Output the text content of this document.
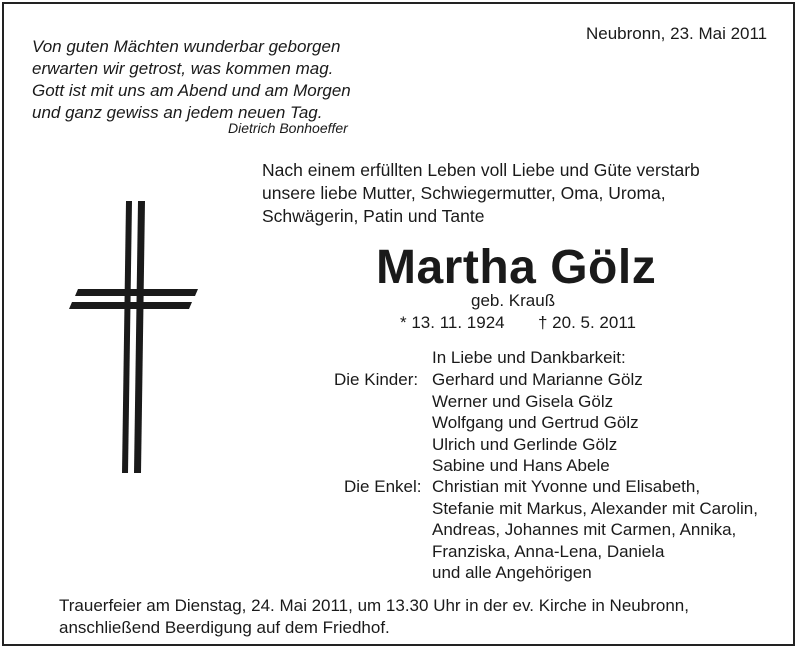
Von guten Mächten wunderbar geborgen
erwarten wir getrost, was kommen mag.
Gott ist mit uns am Abend und am Morgen
und ganz gewiss an jedem neuen Tag.
Dietrich Bonhoeffer
Neubronn, 23. Mai 2011
Nach einem erfüllten Leben voll Liebe und Güte verstarb
unsere liebe Mutter, Schwiegermutter, Oma, Uroma,
Schwägerin, Patin und Tante
Martha Gölz
geb. Krauß
* 13. 11. 1924 † 20. 5. 2011
In Liebe und Dankbarkeit:
Die Kinder: Gerhard und Marianne Gölz
Werner und Gisela Gölz
Wolfgang und Gertrud Gölz
Ulrich und Gerlinde Gölz
Sabine und Hans Abele
Die Enkel: Christian mit Yvonne und Elisabeth,
Stefanie mit Markus, Alexander mit Carolin,
Andreas, Johannes mit Carmen, Annika,
Franziska, Anna-Lena, Daniela
und alle Angehörigen
Trauerfeier am Dienstag, 24. Mai 2011, um 13.30 Uhr in der ev. Kirche in Neubronn,
anschließend Beerdigung auf dem Friedhof.
